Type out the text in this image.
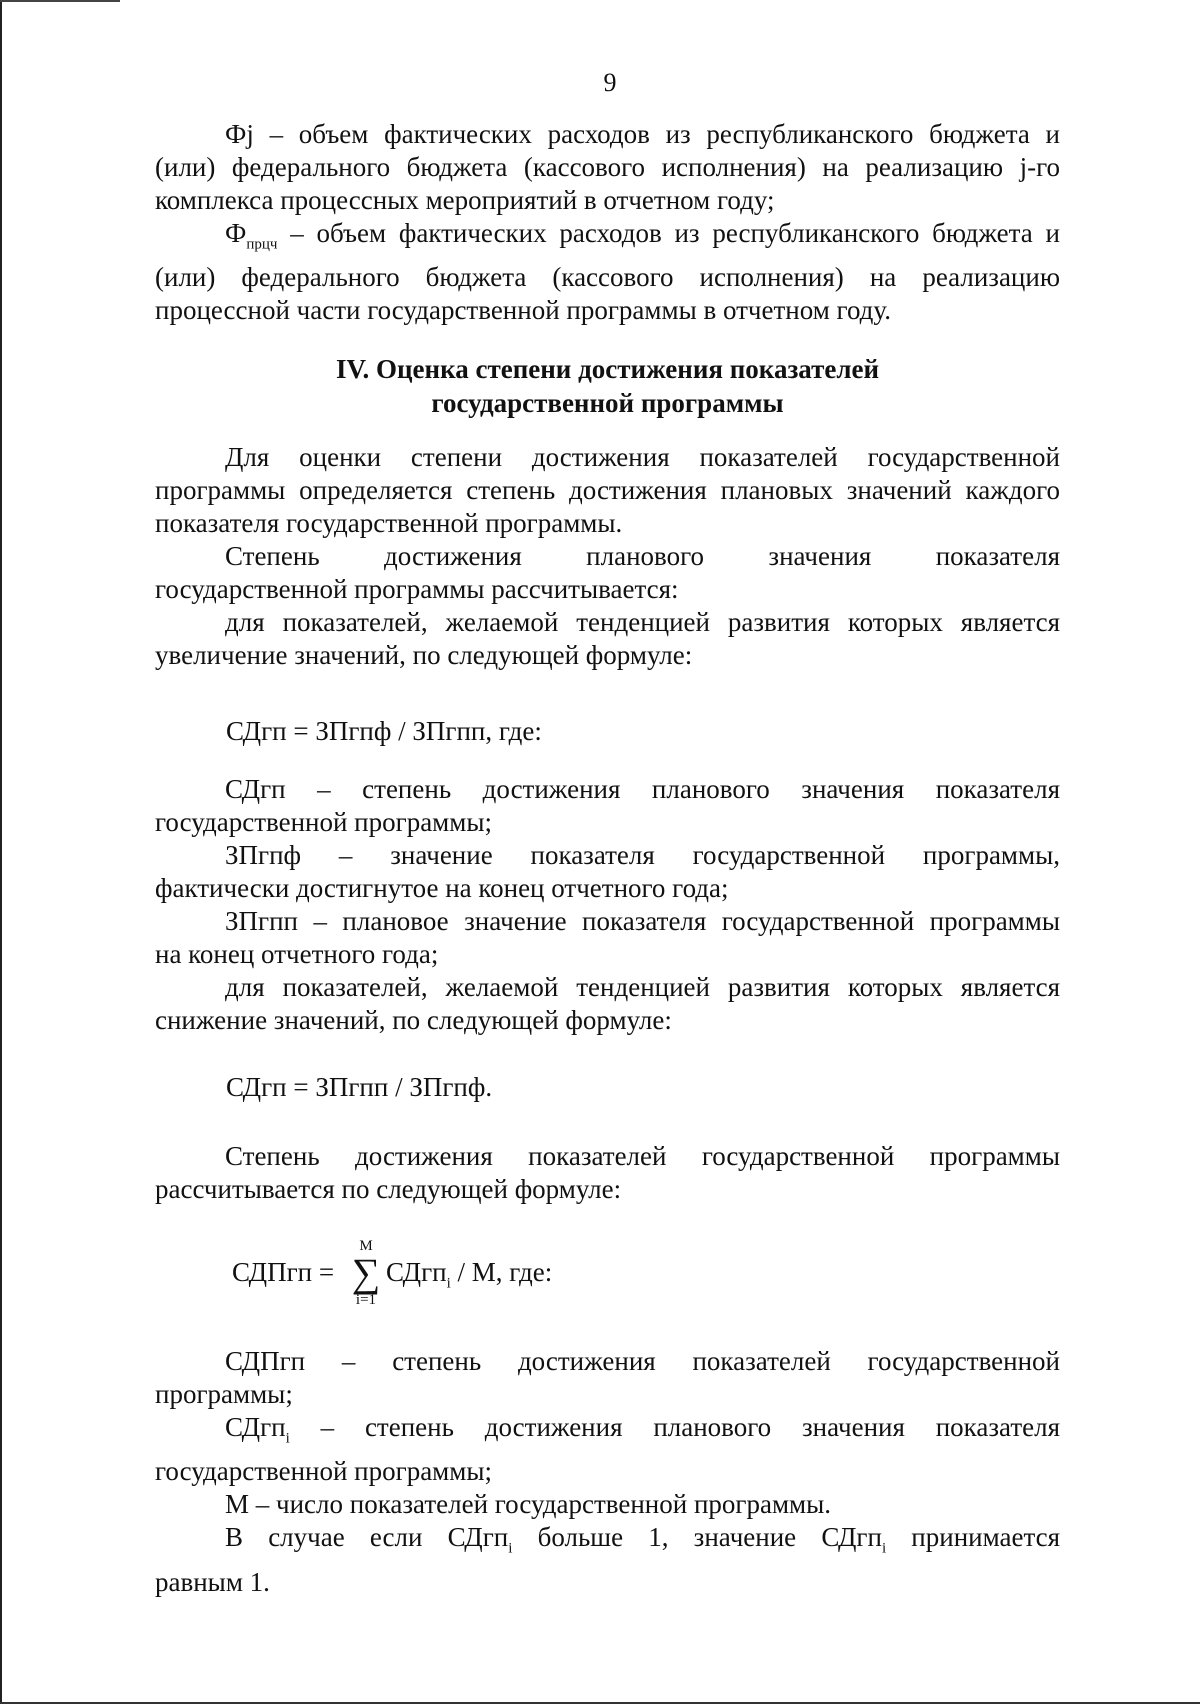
9

Фj – объем фактических расходов из республиканского бюджета и

(или) федерального бюджета (кассового исполнения) на реализацию j-го

комплекса процессных мероприятий в отчетном году;

$Ф_{прцч}$ – объем фактических расходов из республиканского бюджета и

(или) федерального бюджета (кассового исполнения) на реализацию

процессной части государственной программы в отчетном году.

IV. Оценка степени достижения показателей
государственной программы

Для оценки степени достижения показателей государственной

программы определяется степень достижения плановых значений каждого

показателя государственной программы.

Степень достижения планового значения показателя

государственной программы рассчитывается:

для показателей, желаемой тенденцией развития которых является

увеличение значений, по следующей формуле:

СДгп = ЗПгпф / ЗПгпп, где:

СДгп – степень достижения планового значения показателя

государственной программы;

ЗПгпф – значение показателя государственной программы,

фактически достигнутое на конец отчетного года;

ЗПгпп – плановое значение показателя государственной программы

на конец отчетного года;

для показателей, желаемой тенденцией развития которых является

снижение значений, по следующей формуле:

СДгп = ЗПгпп / ЗПгпф.

Степень достижения показателей государственной программы

рассчитывается по следующей формуле:

СДПгп =
M
∑
i=1
СДгп$_i$ / M, где:

СДПгп – степень достижения показателей государственной

программы;

СДгп$_i$ – степень достижения планового значения показателя

государственной программы;

М – число показателей государственной программы.

В случае если СДгп$_i$ больше 1, значение СДгп$_i$ принимается

равным 1.
